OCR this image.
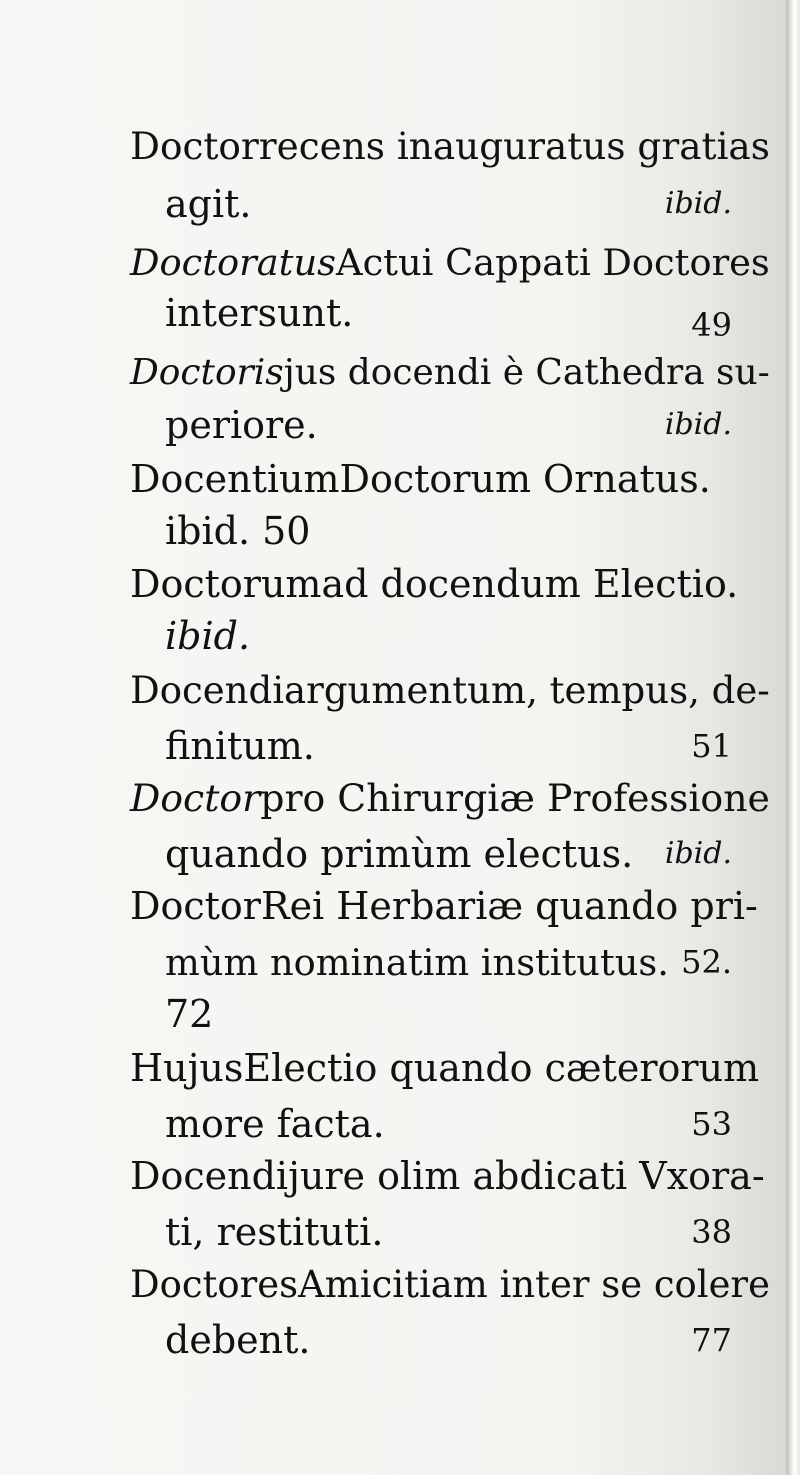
Doctorrecens inauguratus gratias
agit.	ibid.
DoctoratusActui Cappati Doctores
intersunt.	49
Doctorisjus docendi è Cathedra su-
periore.	ibid.
DocentiumDoctorum Ornatus.
ibid. 50
Doctorumad docendum Electio.
ibid.
Docendiargumentum, tempus, de-
finitum.	51
Doctorpro Chirurgiæ Professione
quando primùm electus. ibid.
DoctorRei Herbariæ quando pri-
mùm nominatim institutus. 52.
72
HujusElectio quando cæterorum
more facta.	53
Docendijure olim abdicati Vxora-
ti, restituti.	38
DoctoresAmicitiam inter se colere
debent.	77
